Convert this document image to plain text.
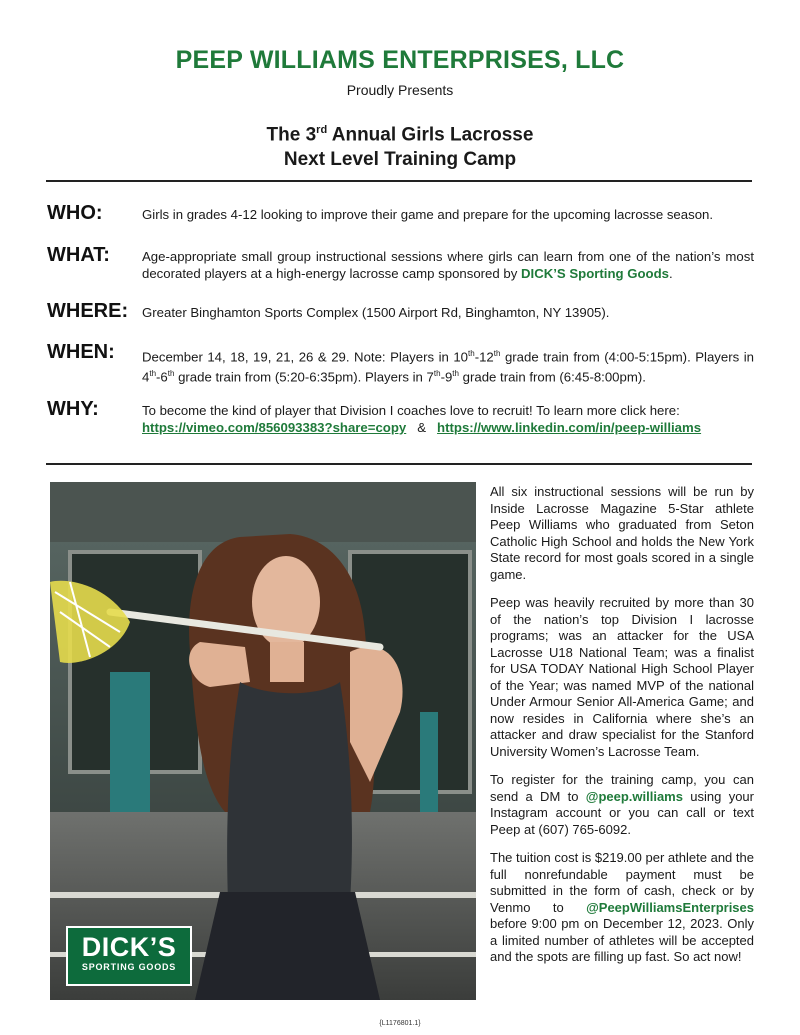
PEEP WILLIAMS ENTERPRISES, LLC
Proudly Presents
The 3rd Annual Girls Lacrosse
Next Level Training Camp
WHO:	Girls in grades 4-12 looking to improve their game and prepare for the upcoming lacrosse season.
WHAT: Age-appropriate small group instructional sessions where girls can learn from one of the nation’s most decorated players at a high-energy lacrosse camp sponsored by DICK’S Sporting Goods.
WHERE: Greater Binghamton Sports Complex (1500 Airport Rd, Binghamton, NY 13905).
WHEN: December 14, 18, 19, 21, 26 & 29. Note: Players in 10th-12th grade train from (4:00-5:15pm). Players in 4th-6th grade train from (5:20-6:35pm). Players in 7th-9th grade train from (6:45-8:00pm).
WHY:	To become the kind of player that Division I coaches love to recruit! To learn more click here:
https://vimeo.com/856093383?share=copy & https://www.linkedin.com/in/peep-williams
DICK’S
SPORTING GOODS

All six instructional sessions will be run by Inside Lacrosse Magazine 5-Star athlete Peep Williams who graduated from Seton Catholic High School and holds the New York State record for most goals scored in a single game.

Peep was heavily recruited by more than 30 of the nation’s top Division I lacrosse programs; was an attacker for the USA Lacrosse U18 National Team; was a finalist for USA TODAY National High School Player of the Year; was named MVP of the national Under Armour Senior All-America Game; and now resides in California where she’s an attacker and draw specialist for the Stanford University Women’s Lacrosse Team.

To register for the training camp, you can send a DM to @peep.williams using your Instagram account or you can call or text Peep at (607) 765-6092.

The tuition cost is $219.00 per athlete and the full nonrefundable payment must be submitted in the form of cash, check or by Venmo to @PeepWilliamsEnterprises before 9:00 pm on December 12, 2023. Only a limited number of athletes will be accepted and the spots are filling up fast. So act now!

{L1176801.1}
